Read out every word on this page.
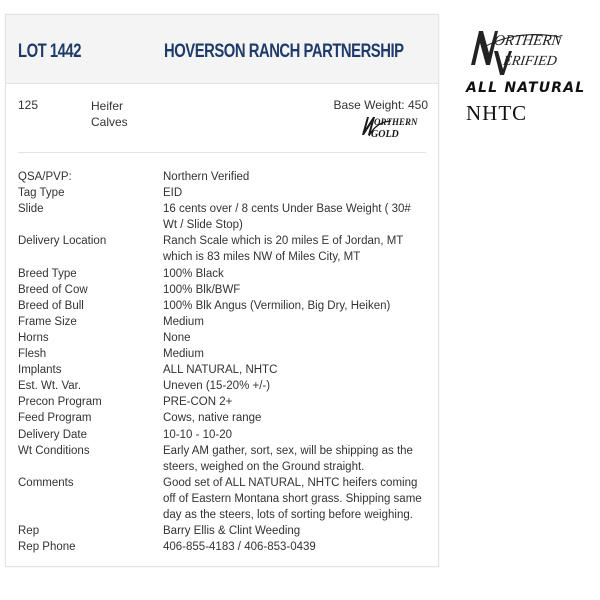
LOT 1442	HOVERSON RANCH PARTNERSHIP
125	Heifer Calves
Base Weight: 450
ORTHERN
GOLD
QSA/PVP:	Northern Verified
Tag Type	EID
Slide	16 cents over / 8 cents Under Base Weight ( 30# Wt / Slide Stop)
Delivery Location	Ranch Scale which is 20 miles E of Jordan, MT which is 83 miles NW of Miles City, MT
Breed Type	100% Black
Breed of Cow	100% Blk/BWF
Breed of Bull	100% Blk Angus (Vermilion, Big Dry, Heiken)
Frame Size	Medium
Horns	None
Flesh	Medium
Implants	ALL NATURAL, NHTC
Est. Wt. Var.	Uneven (15-20% +/-)
Precon Program	PRE-CON 2+
Feed Program	Cows, native range
Delivery Date	10-10 - 10-20
Wt Conditions	Early AM gather, sort, sex, will be shipping as the steers, weighed on the Ground straight.
Comments	Good set of ALL NATURAL, NHTC heifers coming off of Eastern Montana short grass. Shipping same day as the steers, lots of sorting before weighing.
Rep	Barry Ellis & Clint Weeding
Rep Phone	406-855-4183 / 406-853-0439
ORTHERN
ERIFIED
ALL NATURAL
NHTC
